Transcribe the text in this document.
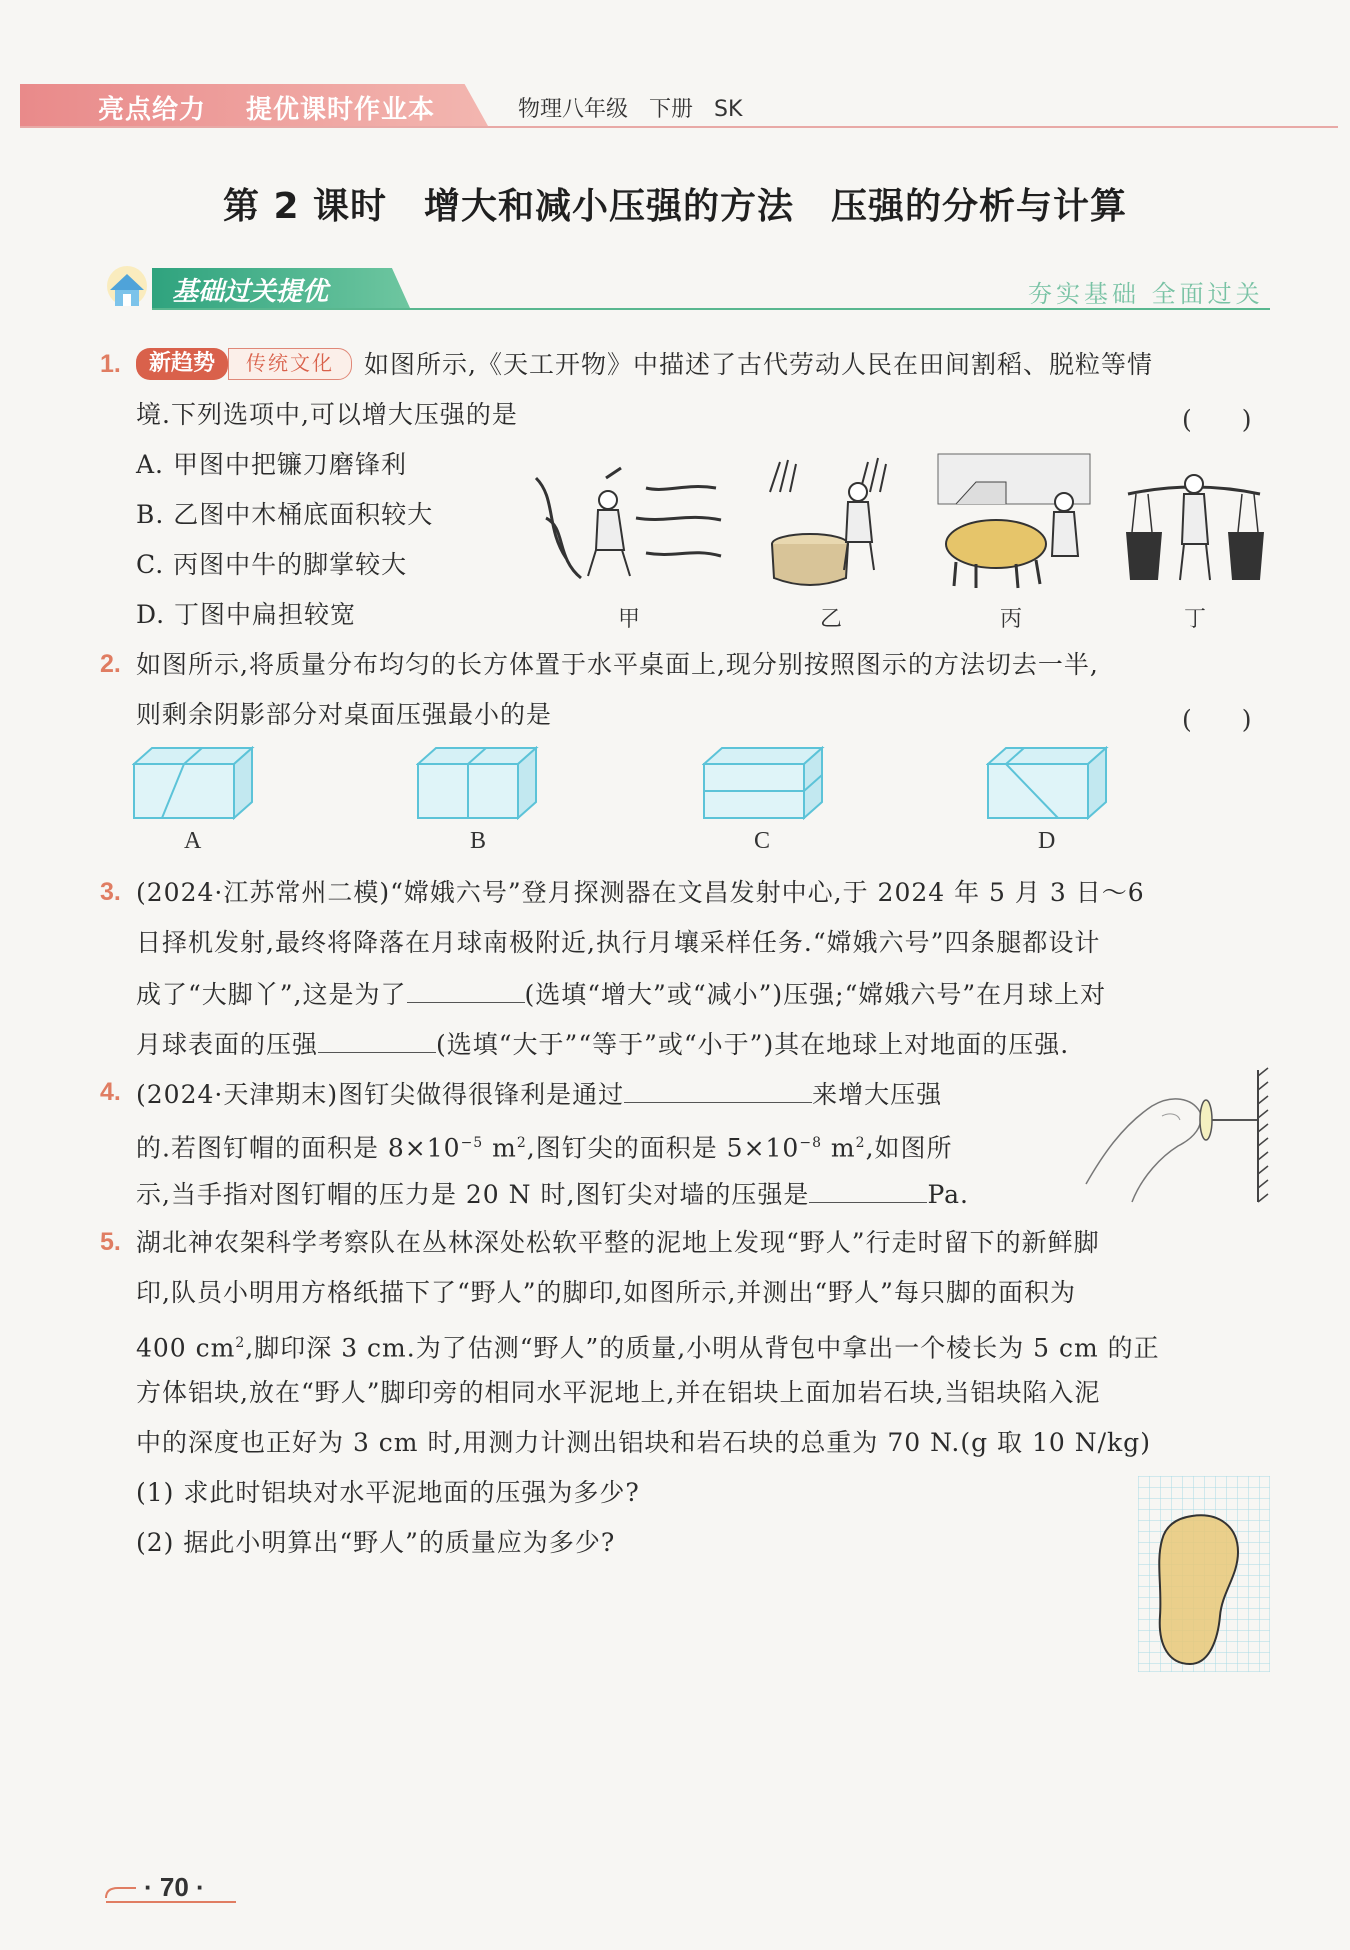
亮点给力 提优课时作业本	物理八年级 下册 SK
第 2 课时　增大和减小压强的方法　压强的分析与计算
基础过关提优	夯实基础 全面过关
1.	新趋势	传统文化	如图所示,《天工开物》中描述了古代劳动人民在田间割稻、脱粒等情
境.下列选项中,可以增大压强的是	(　　)
A. 甲图中把镰刀磨锋利
B. 乙图中木桶底面积较大
C. 丙图中牛的脚掌较大
D. 丁图中扁担较宽	甲	乙	丙	丁
2. 如图所示,将质量分布均匀的长方体置于水平桌面上,现分别按照图示的方法切去一半,
则剩余阴影部分对桌面压强最小的是	(　　)
A	B	C	D
3. (2024·江苏常州二模)“嫦娥六号”登月探测器在文昌发射中心,于 2024 年 5 月 3 日～6
日择机发射,最终将降落在月球南极附近,执行月壤采样任务.“嫦娥六号”四条腿都设计
成了“大脚丫”,这是为了	(选填“增大”或“减小”)压强;“嫦娥六号”在月球上对
月球表面的压强	(选填“大于”“等于”或“小于”)其在地球上对地面的压强.
4. (2024·天津期末)图钉尖做得很锋利是通过	来增大压强
的.若图钉帽的面积是 $8\times 10^{-5}$ $m^2$,图钉尖的面积是 $5\times 10^{-8}$ $m^2$,如图所
示,当手指对图钉帽的压力是 20 N 时,图钉尖对墙的压强是	Pa.
5. 湖北神农架科学考察队在丛林深处松软平整的泥地上发现“野人”行走时留下的新鲜脚
印,队员小明用方格纸描下了“野人”的脚印,如图所示,并测出“野人”每只脚的面积为
400 $cm^2$,脚印深 3 cm.为了估测“野人”的质量,小明从背包中拿出一个棱长为 5 cm 的正
方体铝块,放在“野人”脚印旁的相同水平泥地上,并在铝块上面加岩石块,当铝块陷入泥
中的深度也正好为 3 cm 时,用测力计测出铝块和岩石块的总重为 70 N.(g 取 10 N/kg)
(1) 求此时铝块对水平泥地面的压强为多少?
(2) 据此小明算出“野人”的质量应为多少?
· 70 ·
